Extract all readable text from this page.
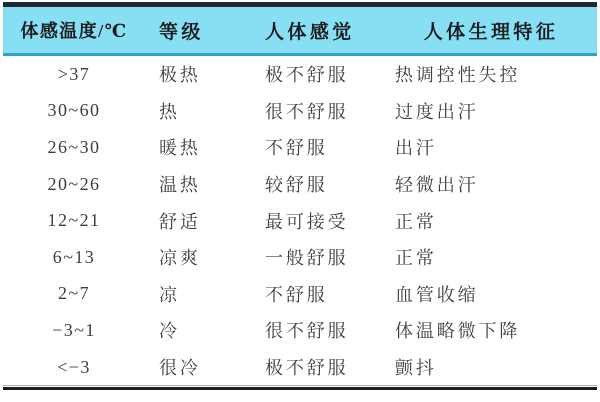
体感温度/℃	等级	人体感觉	人体生理特征
>37	极热	极不舒服	热调控性失控
30~60	热	很不舒服	过度出汗
26~30	暖热	不舒服	出汗
20~26	温热	较舒服	轻微出汗
12~21	舒适	最可接受	正常
6~13	凉爽	一般舒服	正常
2~7	凉	不舒服	血管收缩
−3~1	冷	很不舒服	体温略微下降
<−3	很冷	极不舒服	颤抖
